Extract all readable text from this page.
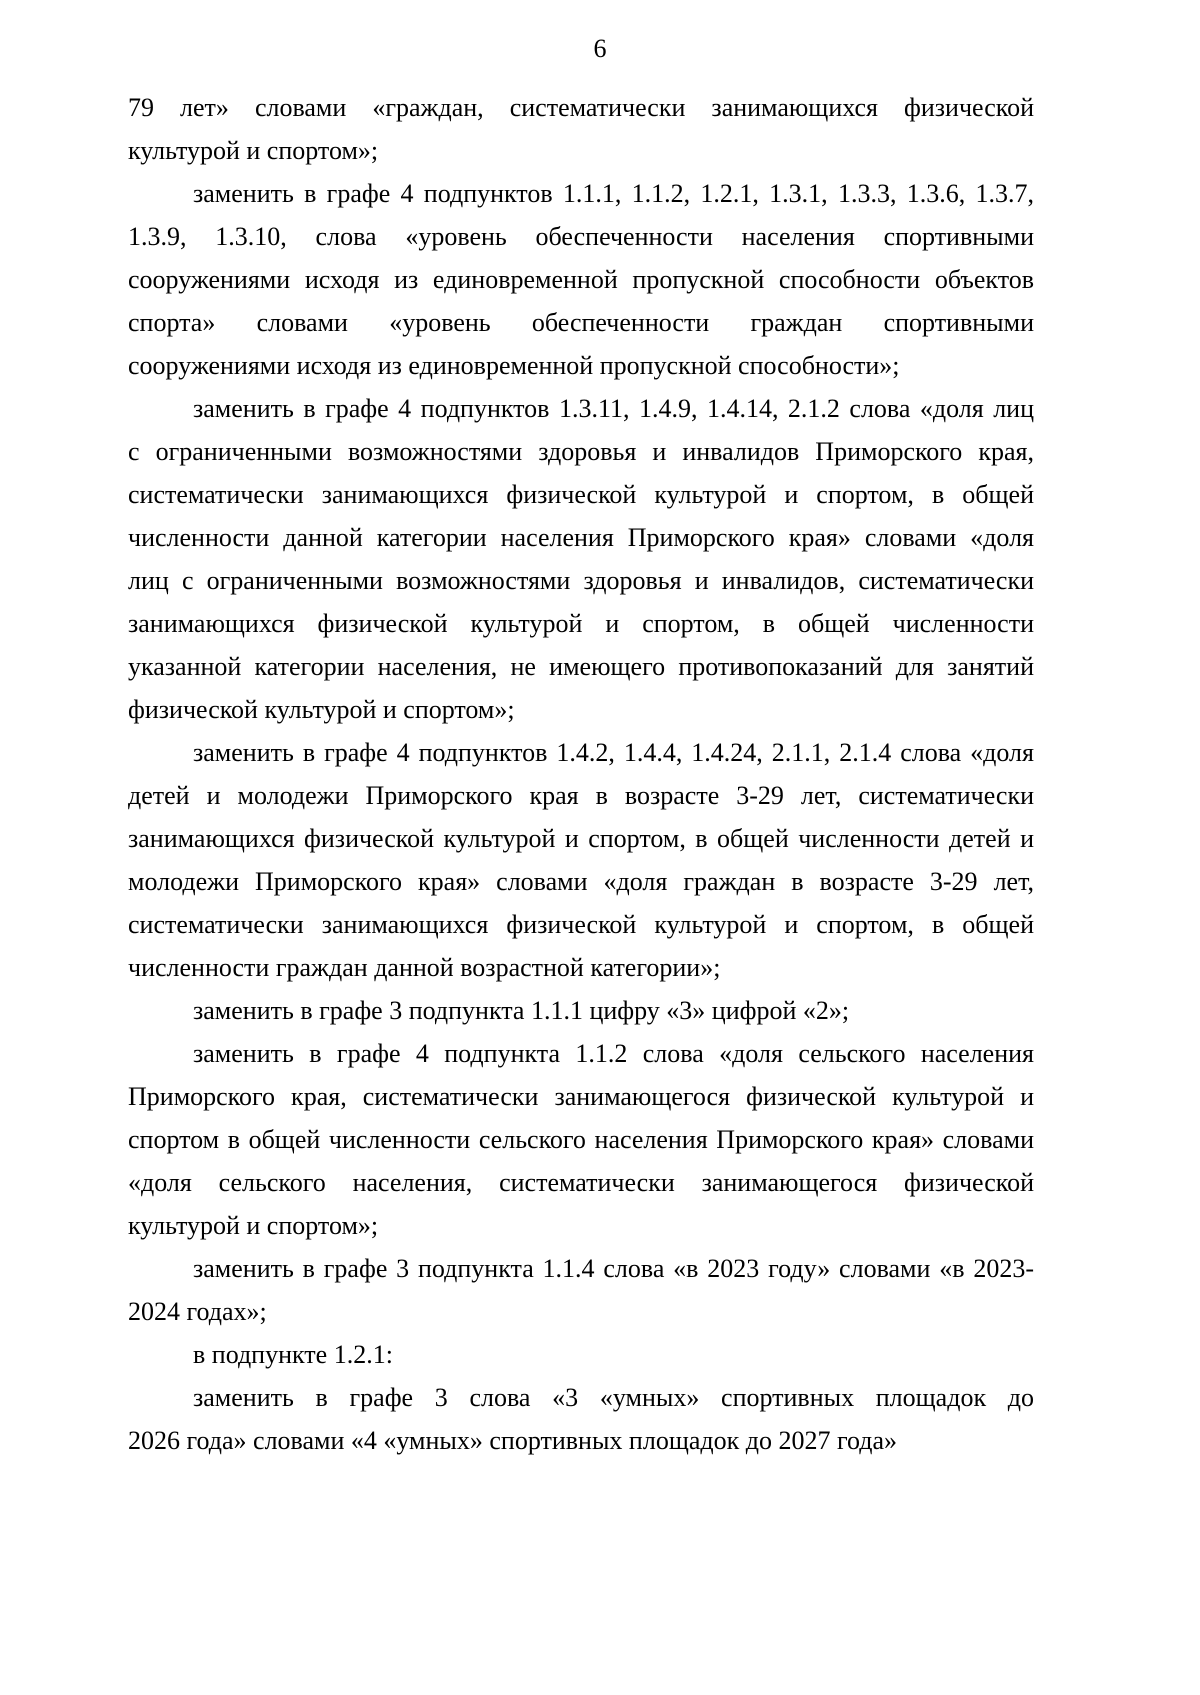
6
79 лет» словами «граждан, систематически занимающихся физической
культурой и спортом»;
заменить в графе 4 подпунктов 1.1.1, 1.1.2, 1.2.1, 1.3.1, 1.3.3, 1.3.6, 1.3.7,
1.3.9, 1.3.10, слова «уровень обеспеченности населения спортивными
сооружениями исходя из единовременной пропускной способности объектов
спорта» словами «уровень обеспеченности граждан спортивными
сооружениями исходя из единовременной пропускной способности»;
заменить в графе 4 подпунктов 1.3.11, 1.4.9, 1.4.14, 2.1.2 слова «доля лиц
с ограниченными возможностями здоровья и инвалидов Приморского края,
систематически занимающихся физической культурой и спортом, в общей
численности данной категории населения Приморского края» словами «доля
лиц с ограниченными возможностями здоровья и инвалидов, систематически
занимающихся физической культурой и спортом, в общей численности
указанной категории населения, не имеющего противопоказаний для занятий
физической культурой и спортом»;
заменить в графе 4 подпунктов 1.4.2, 1.4.4, 1.4.24, 2.1.1, 2.1.4 слова «доля
детей и молодежи Приморского края в возрасте 3-29 лет, систематически
занимающихся физической культурой и спортом, в общей численности детей и
молодежи Приморского края» словами «доля граждан в возрасте 3-29 лет,
систематически занимающихся физической культурой и спортом, в общей
численности граждан данной возрастной категории»;
заменить в графе 3 подпункта 1.1.1 цифру «3» цифрой «2»;
заменить в графе 4 подпункта 1.1.2 слова «доля сельского населения
Приморского края, систематически занимающегося физической культурой и
спортом в общей численности сельского населения Приморского края» словами
«доля сельского населения, систематически занимающегося физической
культурой и спортом»;
заменить в графе 3 подпункта 1.1.4 слова «в 2023 году» словами «в 2023-
2024 годах»;
в подпункте 1.2.1:
заменить в графе 3 слова «3 «умных» спортивных площадок до
2026 года» словами «4 «умных» спортивных площадок до 2027 года»
